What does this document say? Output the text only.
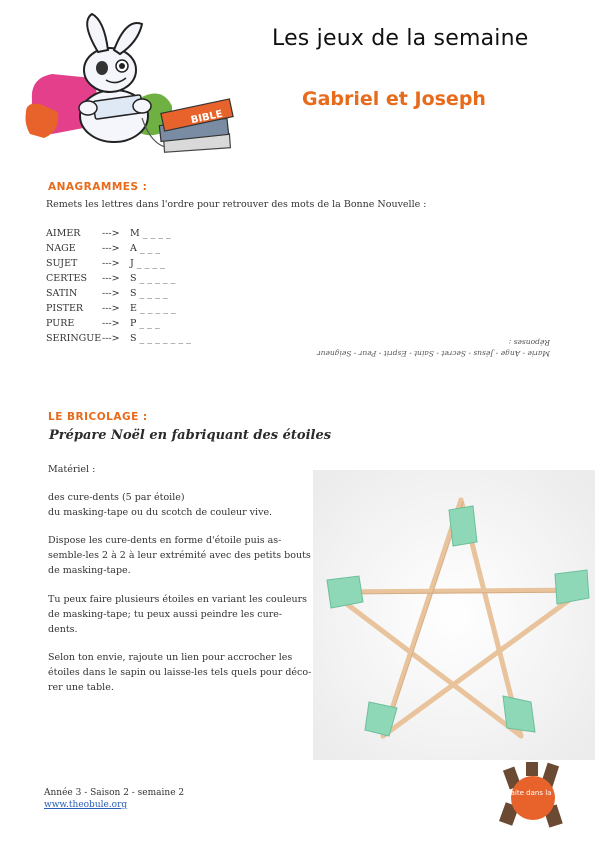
Les jeux de la semaine
Gabriel et Joseph
BIBLE
ANAGRAMMES :
Remets les lettres dans l'ordre pour retrouver des mots de la Bonne Nouvelle :
AIMER ---> M _ _ _ _
NAGE	---> A _ _ _
SUJET	---> J _ _ _ _
CERTES ---> S _ _ _ _ _
SATIN	---> S _ _ _ _
PISTER ---> E _ _ _ _ _
PURE	---> P _ _ _
SERINGUE---> S _ _ _ _ _ _ _
Marie - Ange - Jésus - Secret - Saint - Esprit - Peur - Seigneur
Réponses :
LE BRICOLAGE :
Prépare Noël en fabriquant des étoiles
Matériel :
des cure-dents (5 par étoile)
du masking-tape ou du scotch de couleur vive.
Dispose les cure-dents en forme d'étoile puis as-
semble-les 2 à 2 à leur extrémité avec des petits bouts
de masking-tape.
Tu peux faire plusieurs étoiles en variant les couleurs
de masking-tape; tu peux aussi peindre les cure-
dents.
Selon ton envie, rajoute un lien pour accrocher les
étoiles dans le sapin ou laisse-les tels quels pour déco-
rer une table.
Année 3 - Saison 2 - semaine 2
www.theobule.org
retraite dans la ville
